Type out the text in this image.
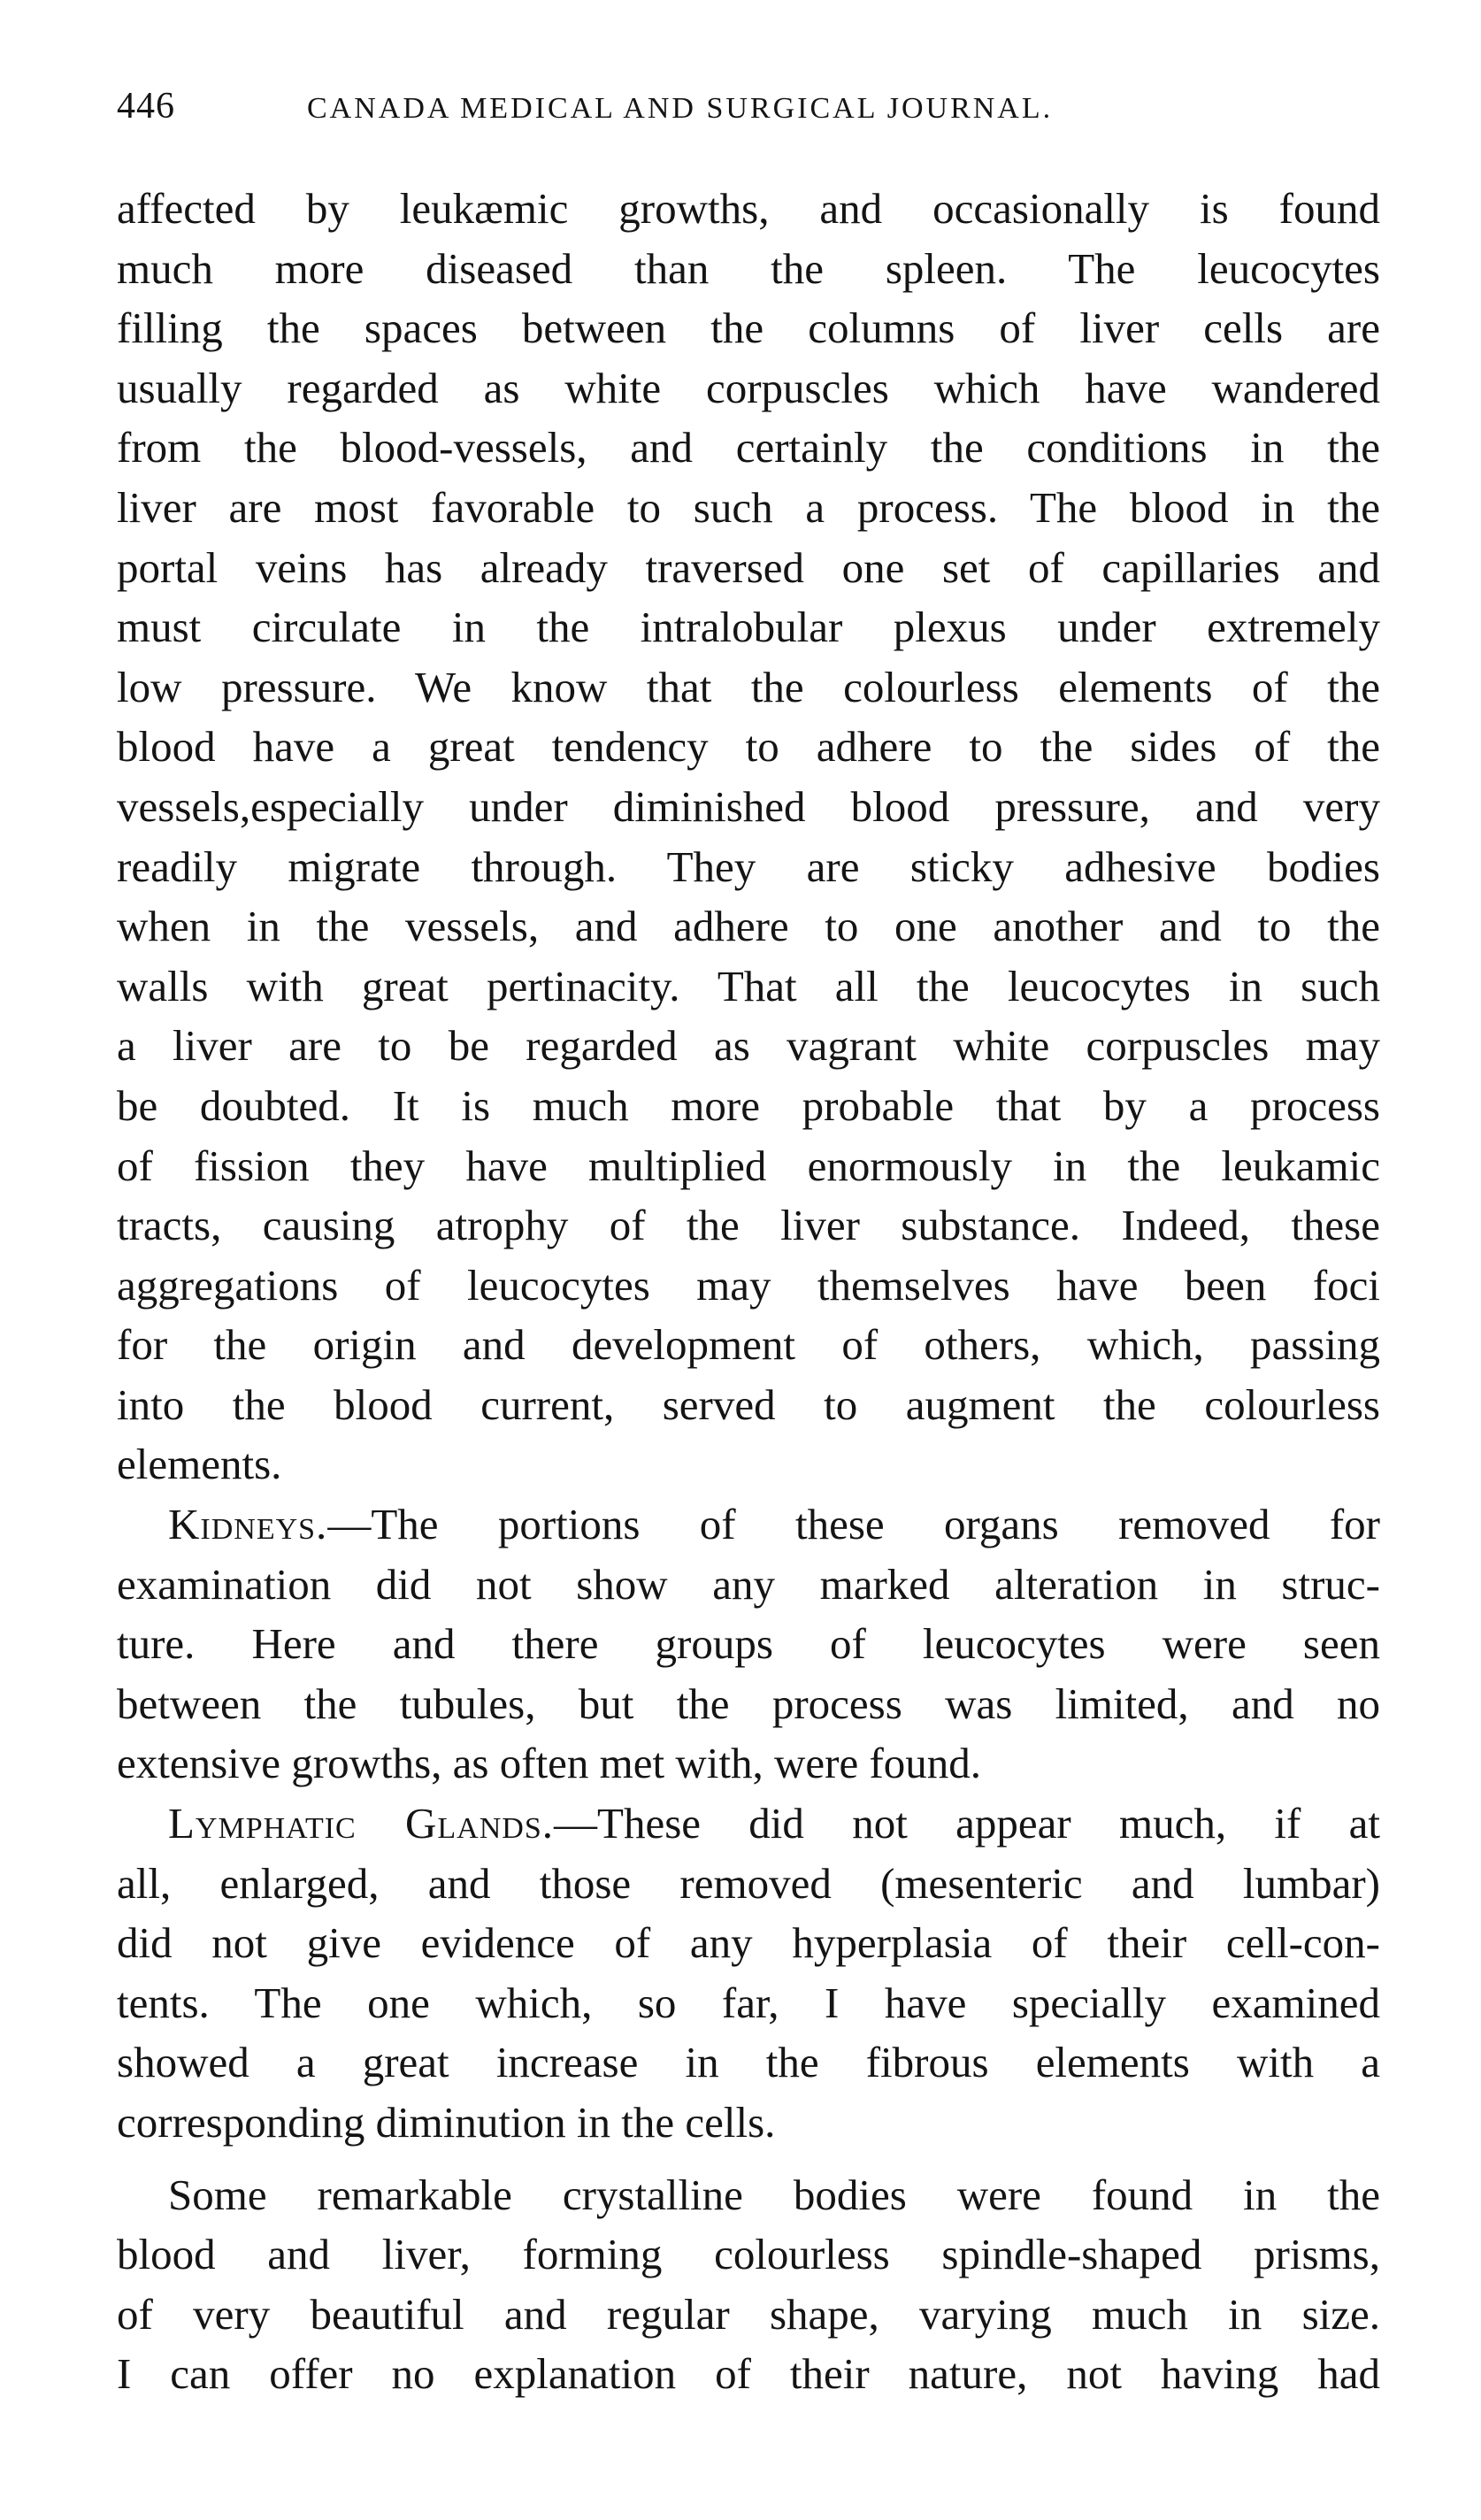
446	CANADA MEDICAL AND SURGICAL JOURNAL.

affected by leukæmic growths, and occasionally is found
much more diseased than the spleen. The leucocytes
filling the spaces between the columns of liver cells are
usually regarded as white corpuscles which have wandered
from the blood-vessels, and certainly the conditions in the
liver are most favorable to such a process. The blood in the
portal veins has already traversed one set of capillaries and
must circulate in the intralobular plexus under extremely
low pressure. We know that the colourless elements of the
blood have a great tendency to adhere to the sides of the
vessels,especially under diminished blood pressure, and very
readily migrate through. They are sticky adhesive bodies
when in the vessels, and adhere to one another and to the
walls with great pertinacity. That all the leucocytes in such
a liver are to be regarded as vagrant white corpuscles may
be doubted. It is much more probable that by a process
of fission they have multiplied enormously in the leukamic
tracts, causing atrophy of the liver substance. Indeed, these
aggregations of leucocytes may themselves have been foci
for the origin and development of others, which, passing
into the blood current, served to augment the colourless
elements.

Kidneys.—The portions of these organs removed for
examination did not show any marked alteration in struc-
ture. Here and there groups of leucocytes were seen
between the tubules, but the process was limited, and no
extensive growths, as often met with, were found.

Lymphatic Glands.—These did not appear much, if at
all, enlarged, and those removed (mesenteric and lumbar)
did not give evidence of any hyperplasia of their cell-con-
tents. The one which, so far, I have specially examined
showed a great increase in the fibrous elements with a
corresponding diminution in the cells.

Some remarkable crystalline bodies were found in the
blood and liver, forming colourless spindle-shaped prisms,
of very beautiful and regular shape, varying much in size.
I can offer no explanation of their nature, not having had
